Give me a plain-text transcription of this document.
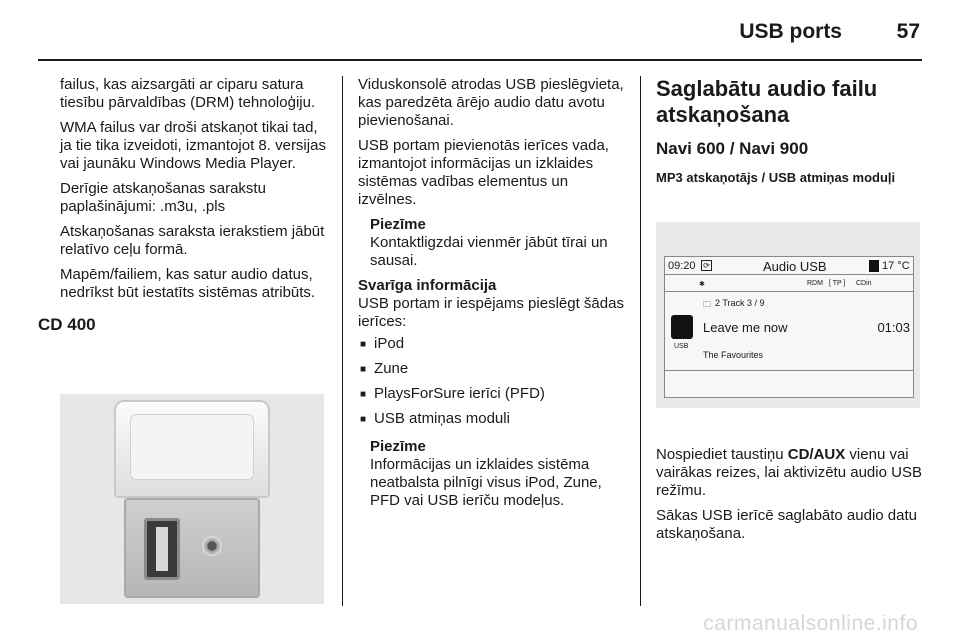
USB ports	57

failus, kas aizsargāti ar ciparu satura tiesību pārvaldības (DRM) tehnoloģiju.

WMA failus var droši atskaņot tikai tad, ja tie tika izveidoti, izmantojot 8. versijas vai jaunāku Windows Media Player.

Derīgie atskaņošanas sarakstu paplašinājumi: .m3u, .pls

Atskaņošanas saraksta ierakstiem jābūt relatīvo ceļu formā.

Mapēm/failiem, kas satur audio datus, nedrīkst būt iestatīts sistēmas atribūts.

CD 400

Viduskonsolē atrodas USB pieslēgvieta, kas paredzēta ārējo audio datu avotu pievienošanai.

USB portam pievienotās ierīces vada, izmantojot informācijas un izklaides sistēmas vadības elementus un izvēlnes.

Piezīme

Kontaktligzdai vienmēr jābūt tīrai un sausai.

Svarīga informācija

USB portam ir iespējams pieslēgt šādas ierīces:

■ iPod
■ Zune
■ PlaysForSure ierīci (PFD)
■ USB atmiņas moduli
Piezīme

Informācijas un izklaides sistēma neatbalsta pilnīgi visus iPod, Zune, PFD vai USB ierīču modeļus.

Saglabātu audio failu atskaņošana
Navi 600 / Navi 900
MP3 atskaņotājs / USB atmiņas moduļi
09:20 ⟳	Audio USB	17 °C
✱	RDM [ TP ] CDin
🗀 2 Track 3 / 9
USB
Leave me now	01:03
The Favourites

Nospiediet taustiņu CD/AUX vienu vai vairākas reizes, lai aktivizētu audio USB režīmu.

Sākas USB ierīcē saglabāto audio datu atskaņošana.

carmanualsonline.info
